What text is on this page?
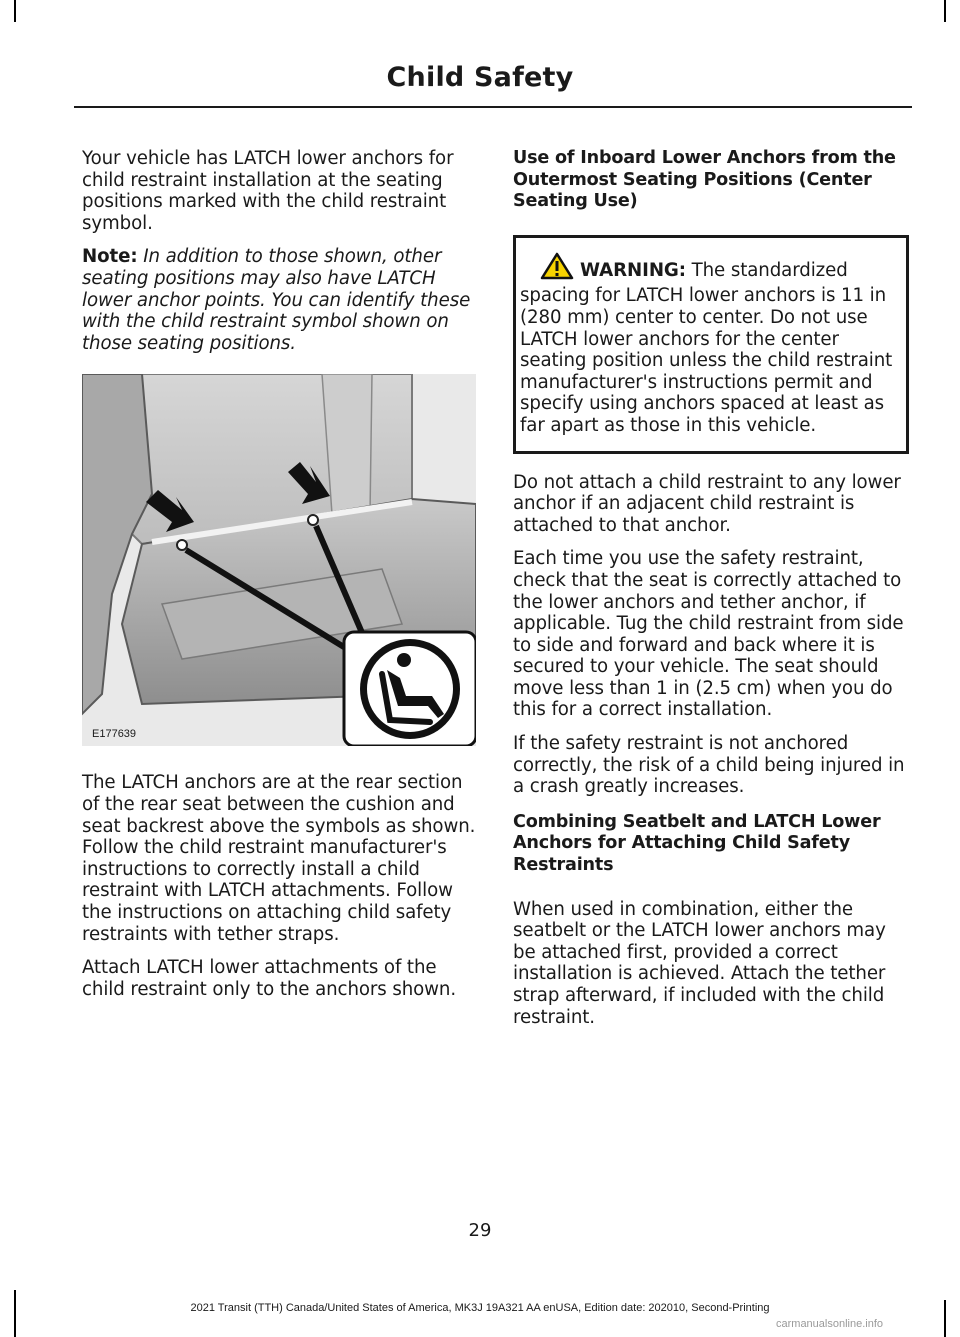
Child Safety

Your vehicle has LATCH lower anchors for child restraint installation at the seating positions marked with the child restraint symbol.

Note: In addition to those shown, other seating positions may also have LATCH lower anchor points. You can identify these with the child restraint symbol shown on those seating positions.

E177639

The LATCH anchors are at the rear section of the rear seat between the cushion and seat backrest above the symbols as shown. Follow the child restraint manufacturer's instructions to correctly install a child restraint with LATCH attachments. Follow the instructions on attaching child safety restraints with tether straps.

Attach LATCH lower attachments of the child restraint only to the anchors shown.

Use of Inboard Lower Anchors from the Outermost Seating Positions (Center Seating Use)

WARNING: The standardized spacing for LATCH lower anchors is 11 in (280 mm) center to center. Do not use LATCH lower anchors for the center seating position unless the child restraint manufacturer's instructions permit and specify using anchors spaced at least as far apart as those in this vehicle.

Do not attach a child restraint to any lower anchor if an adjacent child restraint is attached to that anchor.

Each time you use the safety restraint, check that the seat is correctly attached to the lower anchors and tether anchor, if applicable. Tug the child restraint from side to side and forward and back where it is secured to your vehicle. The seat should move less than 1 in (2.5 cm) when you do this for a correct installation.

If the safety restraint is not anchored correctly, the risk of a child being injured in a crash greatly increases.

Combining Seatbelt and LATCH Lower Anchors for Attaching Child Safety Restraints

When used in combination, either the seatbelt or the LATCH lower anchors may be attached first, provided a correct installation is achieved. Attach the tether strap afterward, if included with the child restraint.

29
2021 Transit (TTH) Canada/United States of America, MK3J 19A321 AA enUSA, Edition date: 202010, Second-Printing
carmanualsonline.info
